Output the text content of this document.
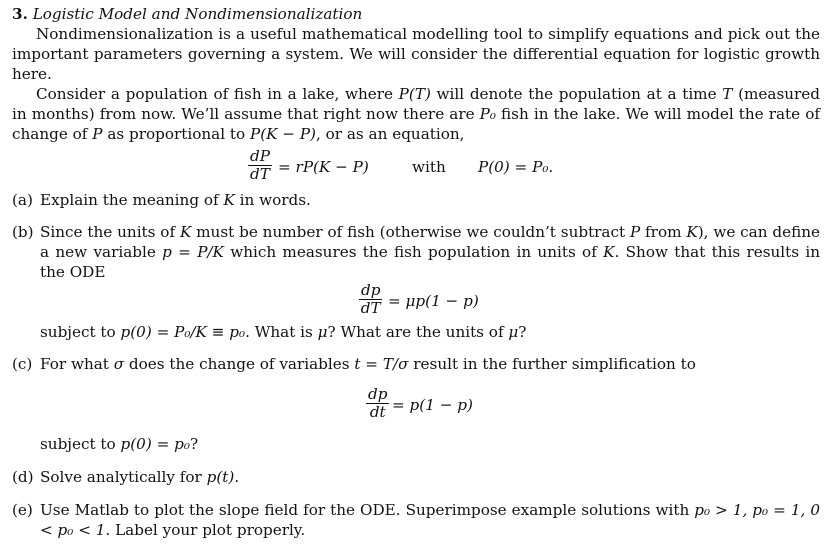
3. Logistic Model and Nondimensionalization

Nondimensionalization is a useful mathematical modelling tool to simplify equations and pick out the important parameters governing a system. We will consider the differential equation for logistic growth here.

Consider a population of fish in a lake, where P(T) will denote the population at a time T (measured in months) from now. We’ll assume that right now there are P₀ fish in the lake. We will model the rate of change of P as proportional to P(K − P), or as an equation,

$\frac{dP}{dT} = rP(K - P)$	with P(0) = P₀.
(a) Explain the meaning of K in words.
(b) Since the units of K must be number of fish (otherwise we couldn’t subtract P from K), we can define a new variable p = P/K which measures the fish population in units of K. Show that this results in the ODE
$\frac{dp}{dT} = \mu p(1 - p)$
subject to p(0) = P₀/K ≡ p₀. What is μ? What are the units of μ?
(c) For what σ does the change of variables t = T/σ result in the further simplification to
$\frac{dp}{dt} = p(1 - p)$
subject to p(0) = p₀?
(d) Solve analytically for p(t).
(e) Use Matlab to plot the slope field for the ODE. Superimpose example solutions with p₀ > 1, p₀ = 1, 0 < p₀ < 1. Label your plot properly.
